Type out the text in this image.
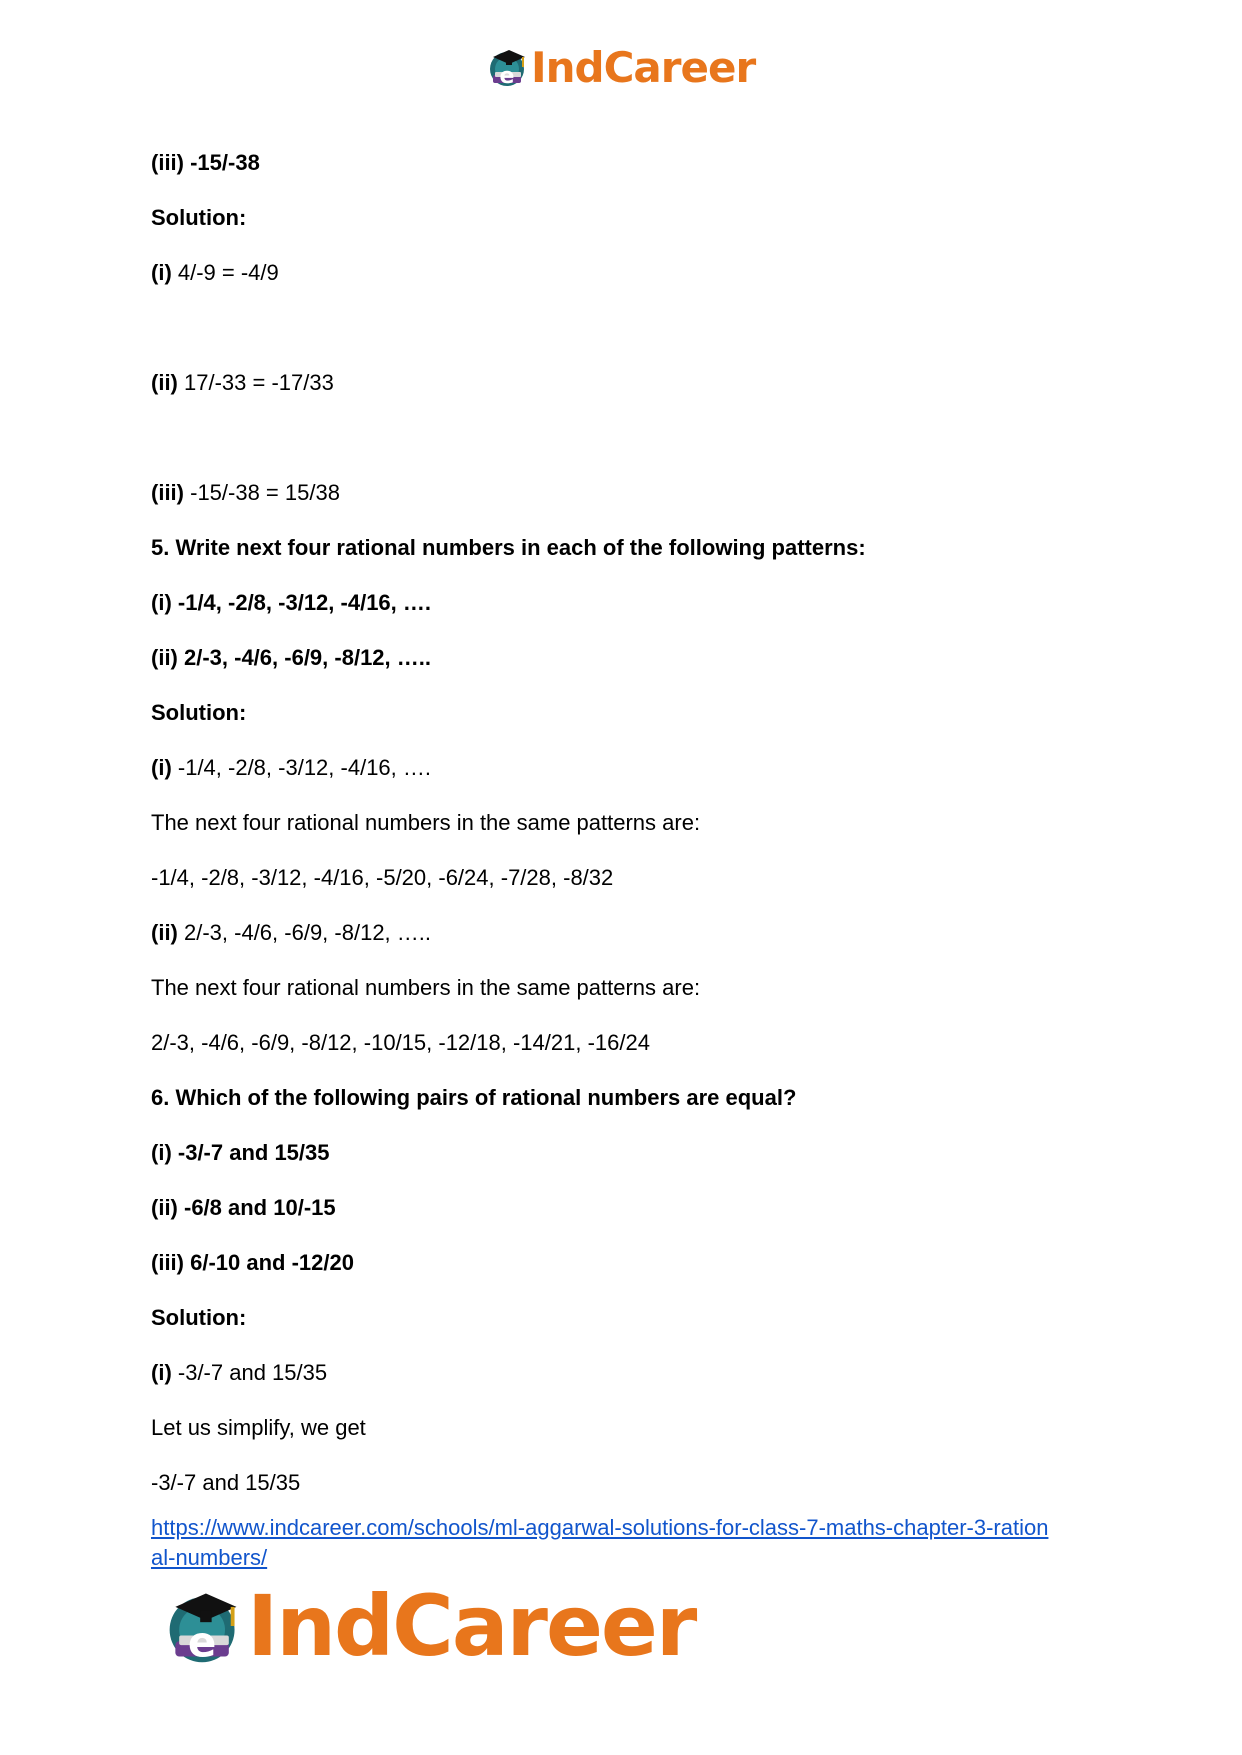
e IndCareer
(iii) -15/-38
Solution:
(i) 4/-9 = -4/9
(ii) 17/-33 = -17/33
(iii) -15/-38 = 15/38
5. Write next four rational numbers in each of the following patterns:
(i) -1/4, -2/8, -3/12, -4/16, ….
(ii) 2/-3, -4/6, -6/9, -8/12, …..
Solution:
(i) -1/4, -2/8, -3/12, -4/16, ….
The next four rational numbers in the same patterns are:
-1/4, -2/8, -3/12, -4/16, -5/20, -6/24, -7/28, -8/32
(ii) 2/-3, -4/6, -6/9, -8/12, …..
The next four rational numbers in the same patterns are:
2/-3, -4/6, -6/9, -8/12, -10/15, -12/18, -14/21, -16/24
6. Which of the following pairs of rational numbers are equal?
(i) -3/-7 and 15/35
(ii) -6/8 and 10/-15
(iii) 6/-10 and -12/20
Solution:
(i) -3/-7 and 15/35
Let us simplify, we get
-3/-7 and 15/35
https://www.indcareer.com/schools/ml-aggarwal-solutions-for-class-7-maths-chapter-3-ration
al-numbers/
e IndCareer
